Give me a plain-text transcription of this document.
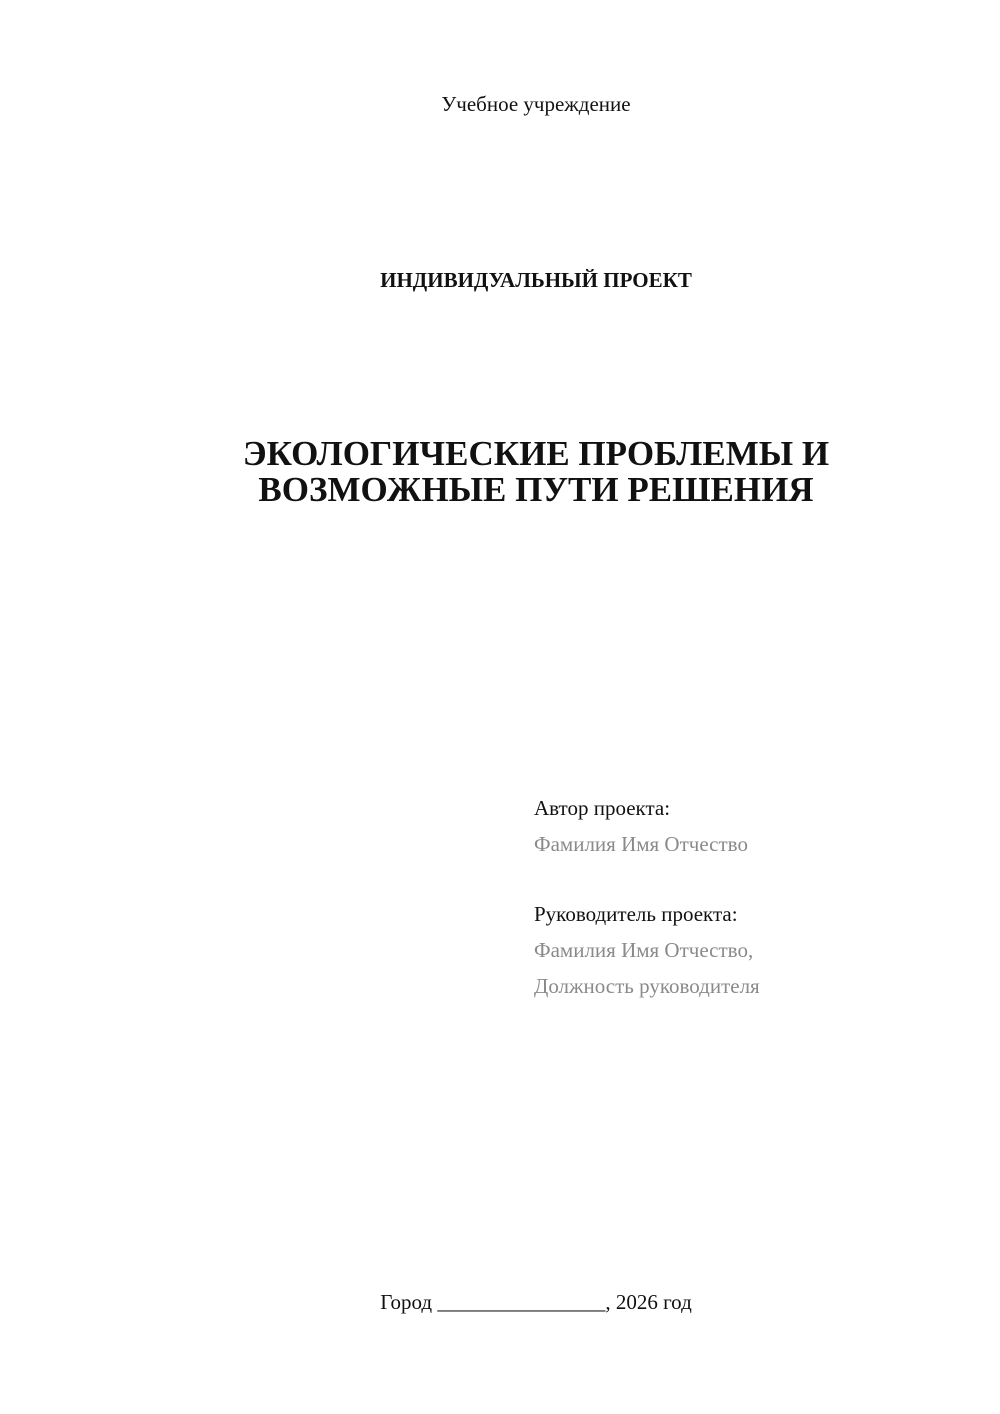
Учебное учреждение
ИНДИВИДУАЛЬНЫЙ ПРОЕКТ
ЭКОЛОГИЧЕСКИЕ ПРОБЛЕМЫ И
ВОЗМОЖНЫЕ ПУТИ РЕШЕНИЯ
Автор проекта:
Фамилия Имя Отчество
Руководитель проекта:
Фамилия Имя Отчество,
Должность руководителя
Город ________________, 2026 год
